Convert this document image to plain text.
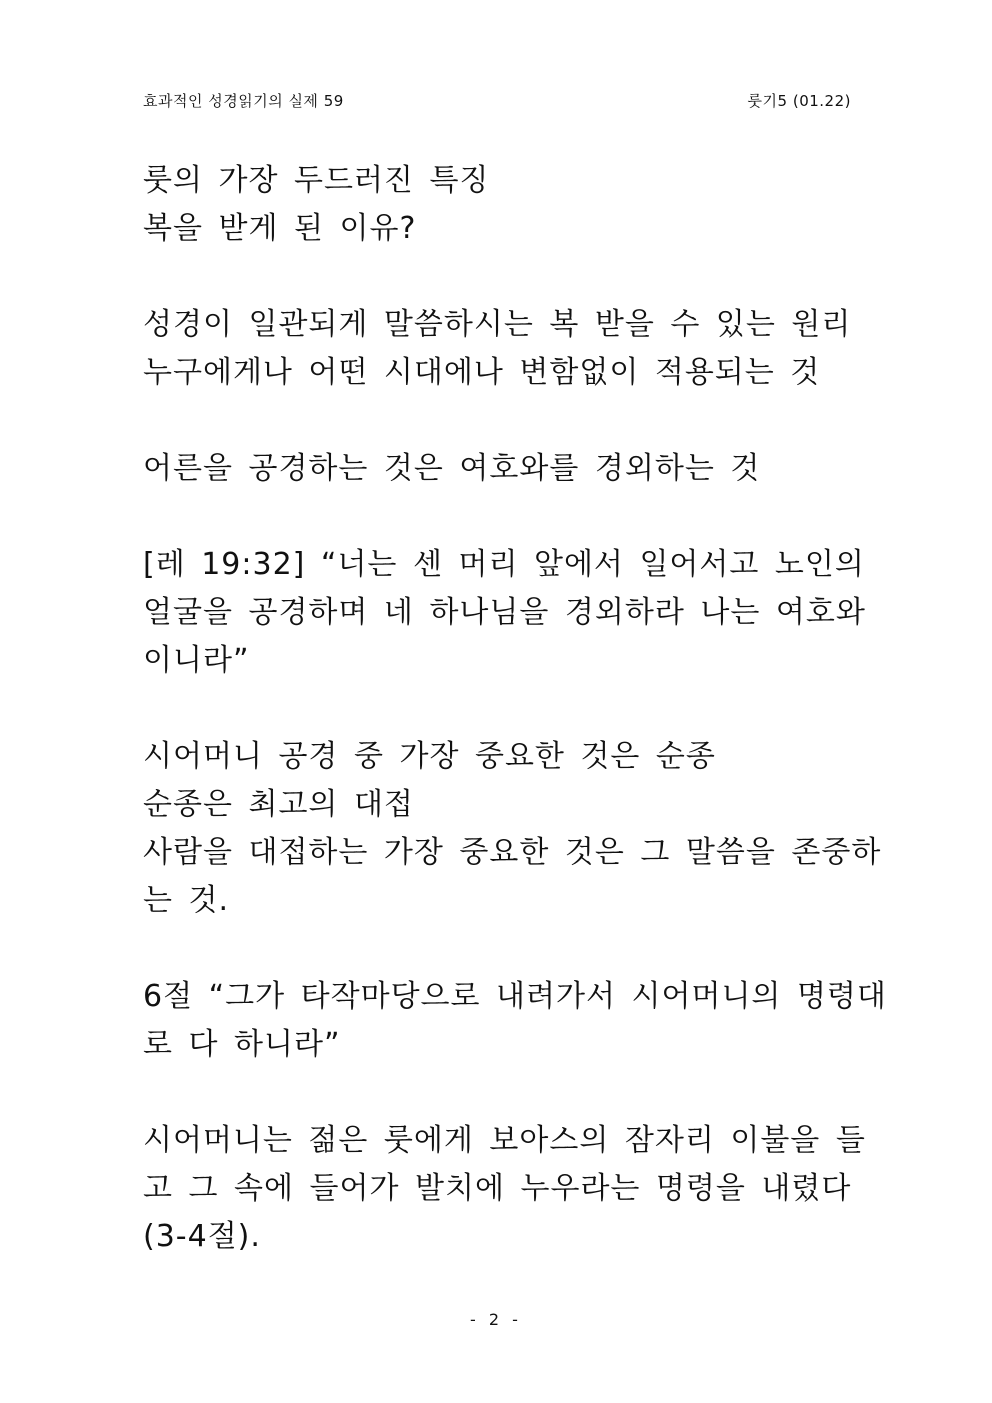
효과적인 성경읽기의 실제 59	룻기5 (01.22)
룻의 가장 두드러진 특징
복을 받게 된 이유?
성경이 일관되게 말씀하시는 복 받을 수 있는 원리
누구에게나 어떤 시대에나 변함없이 적용되는 것
어른을 공경하는 것은 여호와를 경외하는 것
[레 19:32] “너는 센 머리 앞에서 일어서고 노인의
얼굴을 공경하며 네 하나님을 경외하라 나는 여호와
이니라”
시어머니 공경 중 가장 중요한 것은 순종
순종은 최고의 대접
사람을 대접하는 가장 중요한 것은 그 말씀을 존중하
는 것.
6절 “그가 타작마당으로 내려가서 시어머니의 명령대
로 다 하니라”
시어머니는 젊은 룻에게 보아스의 잠자리 이불을 들
고 그 속에 들어가 발치에 누우라는 명령을 내렸다
(3-4절).
- 2 -
